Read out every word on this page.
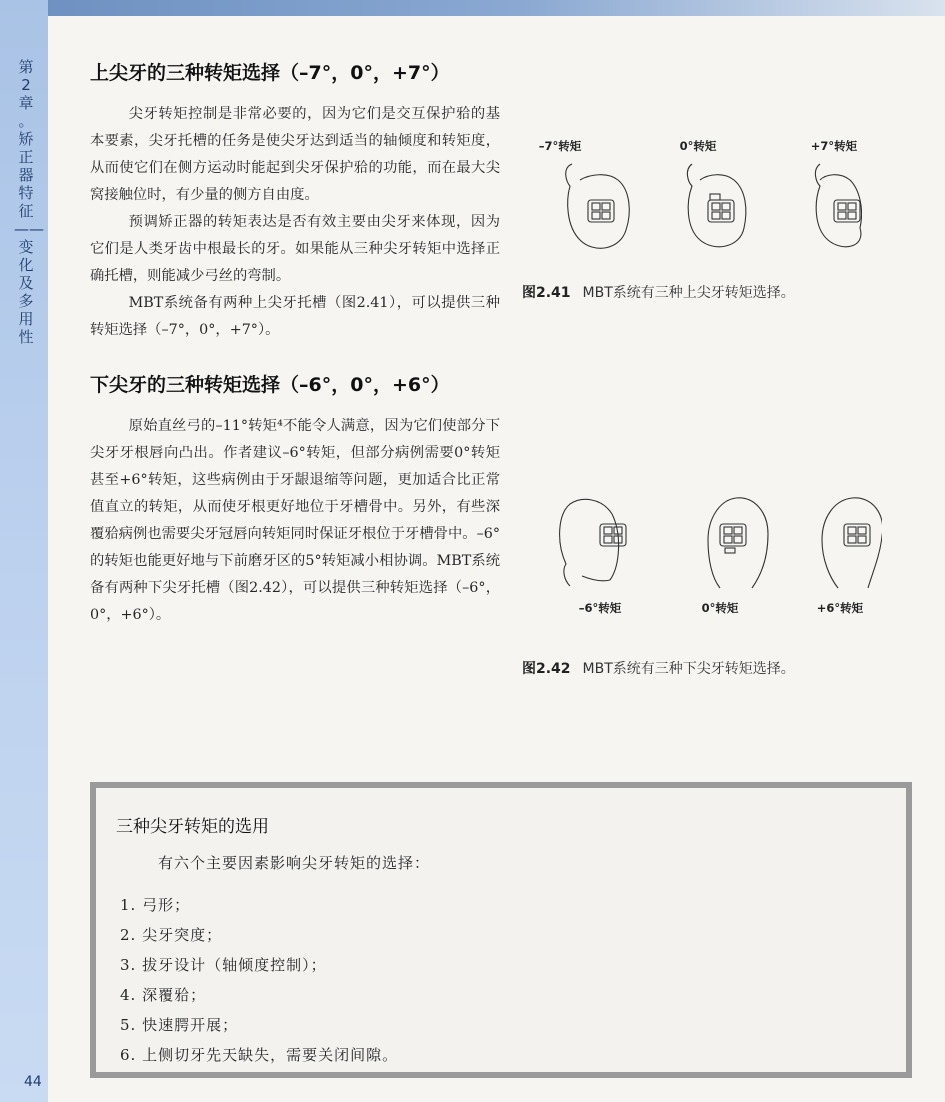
第
2
章
。
矫
正
器
特
征
——
变
化
及
多
用
性
44
上尖牙的三种转矩选择（–7°，0°，+7°）

尖牙转矩控制是非常必要的，因为它们是交互保护𬌗的基本要素，尖牙托槽的任务是使尖牙达到适当的轴倾度和转矩度，从而使它们在侧方运动时能起到尖牙保护𬌗的功能，而在最大尖窝接触位时，有少量的侧方自由度。

预调矫正器的转矩表达是否有效主要由尖牙来体现，因为它们是人类牙齿中根最长的牙。如果能从三种尖牙转矩中选择正确托槽，则能减少弓丝的弯制。

MBT系统备有两种上尖牙托槽（图2.41），可以提供三种转矩选择（–7°，0°，+7°）。

下尖牙的三种转矩选择（–6°，0°，+6°）

原始直丝弓的–11°转矩⁴不能令人满意，因为它们使部分下尖牙牙根唇向凸出。作者建议–6°转矩，但部分病例需要0°转矩甚至+6°转矩，这些病例由于牙龈退缩等问题，更加适合比正常值直立的转矩，从而使牙根更好地位于牙槽骨中。另外，有些深覆𬌗病例也需要尖牙冠唇向转矩同时保证牙根位于牙槽骨中。–6°的转矩也能更好地与下前磨牙区的5°转矩减小相协调。MBT系统备有两种下尖牙托槽（图2.42），可以提供三种转矩选择（–6°，0°，+6°）。

–7°转矩	0°转矩	+7°转矩
图2.41 MBT系统有三种上尖牙转矩选择。
–6°转矩	0°转矩	+6°转矩
图2.42 MBT系统有三种下尖牙转矩选择。
三种尖牙转矩的选用
有六个主要因素影响尖牙转矩的选择：
1. 弓形；
2. 尖牙突度；
3. 拔牙设计（轴倾度控制）；
4. 深覆𬌗；
5. 快速腭开展；
6. 上侧切牙先天缺失，需要关闭间隙。
